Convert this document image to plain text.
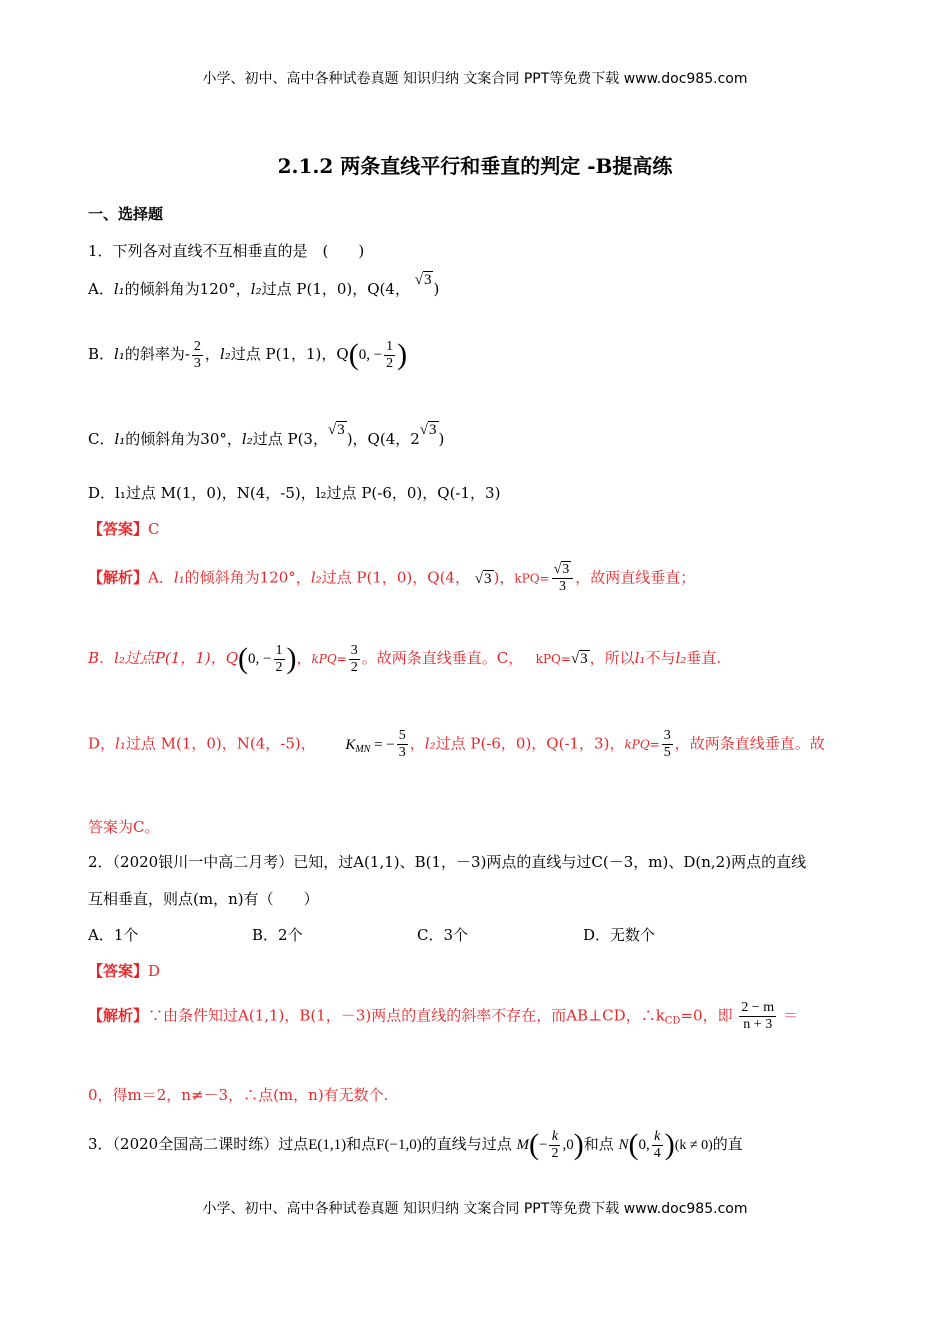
小学、初中、高中各种试卷真题 知识归纳 文案合同 PPT等免费下载 www.doc985.com
2.1.2 两条直线平行和垂直的判定 -B提高练
一、选择题
1．下列各对直线不互相垂直的是　(　　)
A．l₁的倾斜角为120°，l₂过点 P(1，0)，Q(4， √3 )
B．l₁的斜率为- $\frac{2}{3}$ ，l₂过点 P(1，1)，Q(0, − $\frac{1}{2}$ )
C．l₁的倾斜角为30°，l₂过点 P(3，√3 )，Q(4，2√3 )
D．l₁过点 M(1，0)，N(4，-5)，l₂过点 P(-6，0)，Q(-1，3)
【答案】C
【解析】A．l₁的倾斜角为120°，l₂过点 P(1，0)，Q(4， √3 )，$kPQ= \frac{√3}{3}$ ，故两直线垂直；
B．l₂过点P(1，1)，Q(0, − $\frac{1}{2}$ )，$kPQ= \frac{3}{2}$ 。故两条直线垂直。C， kPQ=√3 ，所以l₁不与l₂垂直.
D，l₁过点 M(1，0)，N(4，-5)， $K_{MN}$ = − $\frac{5}{3}$ ，l₂过点 P(-6，0)，Q(-1，3)，$kPQ= \frac{3}{5}$ ，故两条直线垂直。故
答案为C。
2．（2020银川一中高二月考）已知，过A(1,1)、B(1，－3)两点的直线与过C(－3，m)、D(n,2)两点的直线
互相垂直，则点(m，n)有（　　）
A．1个	B．2个	C．3个	D．无数个
【答案】D
【解析】∵由条件知过A(1,1)，B(1，－3)两点的直线的斜率不存在，而AB⊥CD，$\therefore k_{CD}=0$，即 $\frac{2 - m}{n + 3}$ ＝
0，得m＝2，n≠－3，∴点(m，n)有无数个.
3．（2020全国高二课时练）过点E(1,1)和点F(−1,0)的直线与过点 $M(- \frac{k}{2} ,0)$和点 N(0, $\frac{k}{4} )(k \ne 0)$的直
小学、初中、高中各种试卷真题 知识归纳 文案合同 PPT等免费下载 www.doc985.com
